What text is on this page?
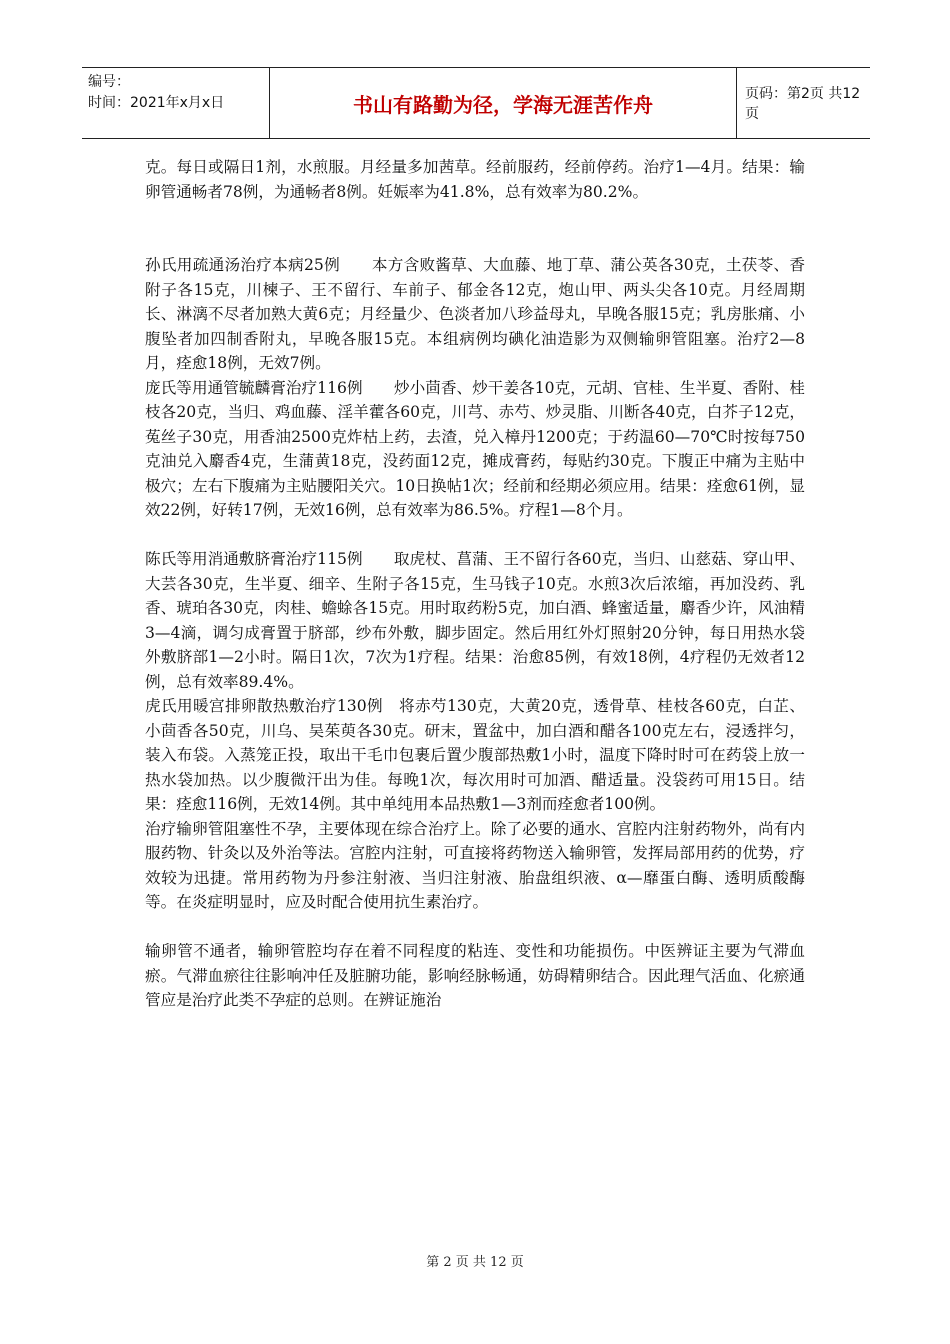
编号：
时间：2021年x月x日	书山有路勤为径，学海无涯苦作舟	页码：第2页 共12页

克。每日或隔日1剂，水煎服。月经量多加茜草。经前服药，经前停药。治疗1—4月。结果：输卵管通畅者78例，为通畅者8例。妊娠率为41.8%，总有效率为80.2%。

孙氏用疏通汤治疗本病25例　　本方含败酱草、大血藤、地丁草、蒲公英各30克，土茯苓、香附子各15克，川楝子、王不留行、车前子、郁金各12克，炮山甲、两头尖各10克。月经周期长、淋漓不尽者加熟大黄6克；月经量少、色淡者加八珍益母丸，早晚各服15克；乳房胀痛、小腹坠者加四制香附丸，早晚各服15克。本组病例均碘化油造影为双侧输卵管阻塞。治疗2—8月，痊愈18例，无效7例。

庞氏等用通管毓麟膏治疗116例　　炒小茴香、炒干姜各10克，元胡、官桂、生半夏、香附、桂枝各20克，当归、鸡血藤、淫羊藿各60克，川芎、赤芍、炒灵脂、川断各40克，白芥子12克，菟丝子30克，用香油2500克炸枯上药，去渣，兑入樟丹1200克；于药温60—70℃时按每750克油兑入麝香4克，生蒲黄18克，没药面12克，摊成膏药，每贴约30克。下腹正中痛为主贴中极穴；左右下腹痛为主贴腰阳关穴。10日换帖1次；经前和经期必须应用。结果：痊愈61例，显效22例，好转17例，无效16例，总有效率为86.5%。疗程1—8个月。

陈氏等用消通敷脐膏治疗115例　　取虎杖、菖蒲、王不留行各60克，当归、山慈菇、穿山甲、大芸各30克，生半夏、细辛、生附子各15克，生马钱子10克。水煎3次后浓缩，再加没药、乳香、琥珀各30克，肉桂、蟾蜍各15克。用时取药粉5克，加白酒、蜂蜜适量，麝香少许，风油精3—4滴，调匀成膏置于脐部，纱布外敷，脚步固定。然后用红外灯照射20分钟，每日用热水袋外敷脐部1—2小时。隔日1次，7次为1疗程。结果：治愈85例，有效18例，4疗程仍无效者12例，总有效率89.4%。

虎氏用暖宫排卵散热敷治疗130例　将赤芍130克，大黄20克，透骨草、桂枝各60克，白芷、小茴香各50克，川乌、吴茱萸各30克。研末，置盆中，加白酒和醋各100克左右，浸透拌匀，装入布袋。入蒸笼正投，取出干毛巾包裹后置少腹部热敷1小时，温度下降时时可在药袋上放一热水袋加热。以少腹微汗出为佳。每晚1次，每次用时可加酒、醋适量。没袋药可用15日。结果：痊愈116例，无效14例。其中单纯用本品热敷1—3剂而痊愈者100例。

治疗输卵管阻塞性不孕，主要体现在综合治疗上。除了必要的通水、宫腔内注射药物外，尚有内服药物、针灸以及外治等法。宫腔内注射，可直接将药物送入输卵管，发挥局部用药的优势，疗效较为迅捷。常用药物为丹参注射液、当归注射液、胎盘组织液、α—靡蛋白酶、透明质酸酶等。在炎症明显时，应及时配合使用抗生素治疗。

输卵管不通者，输卵管腔均存在着不同程度的粘连、变性和功能损伤。中医辨证主要为气滞血瘀。气滞血瘀往往影响冲任及脏腑功能，影响经脉畅通，妨碍精卵结合。因此理气活血、化瘀通管应是治疗此类不孕症的总则。在辨证施治

第 2 页 共 12 页
